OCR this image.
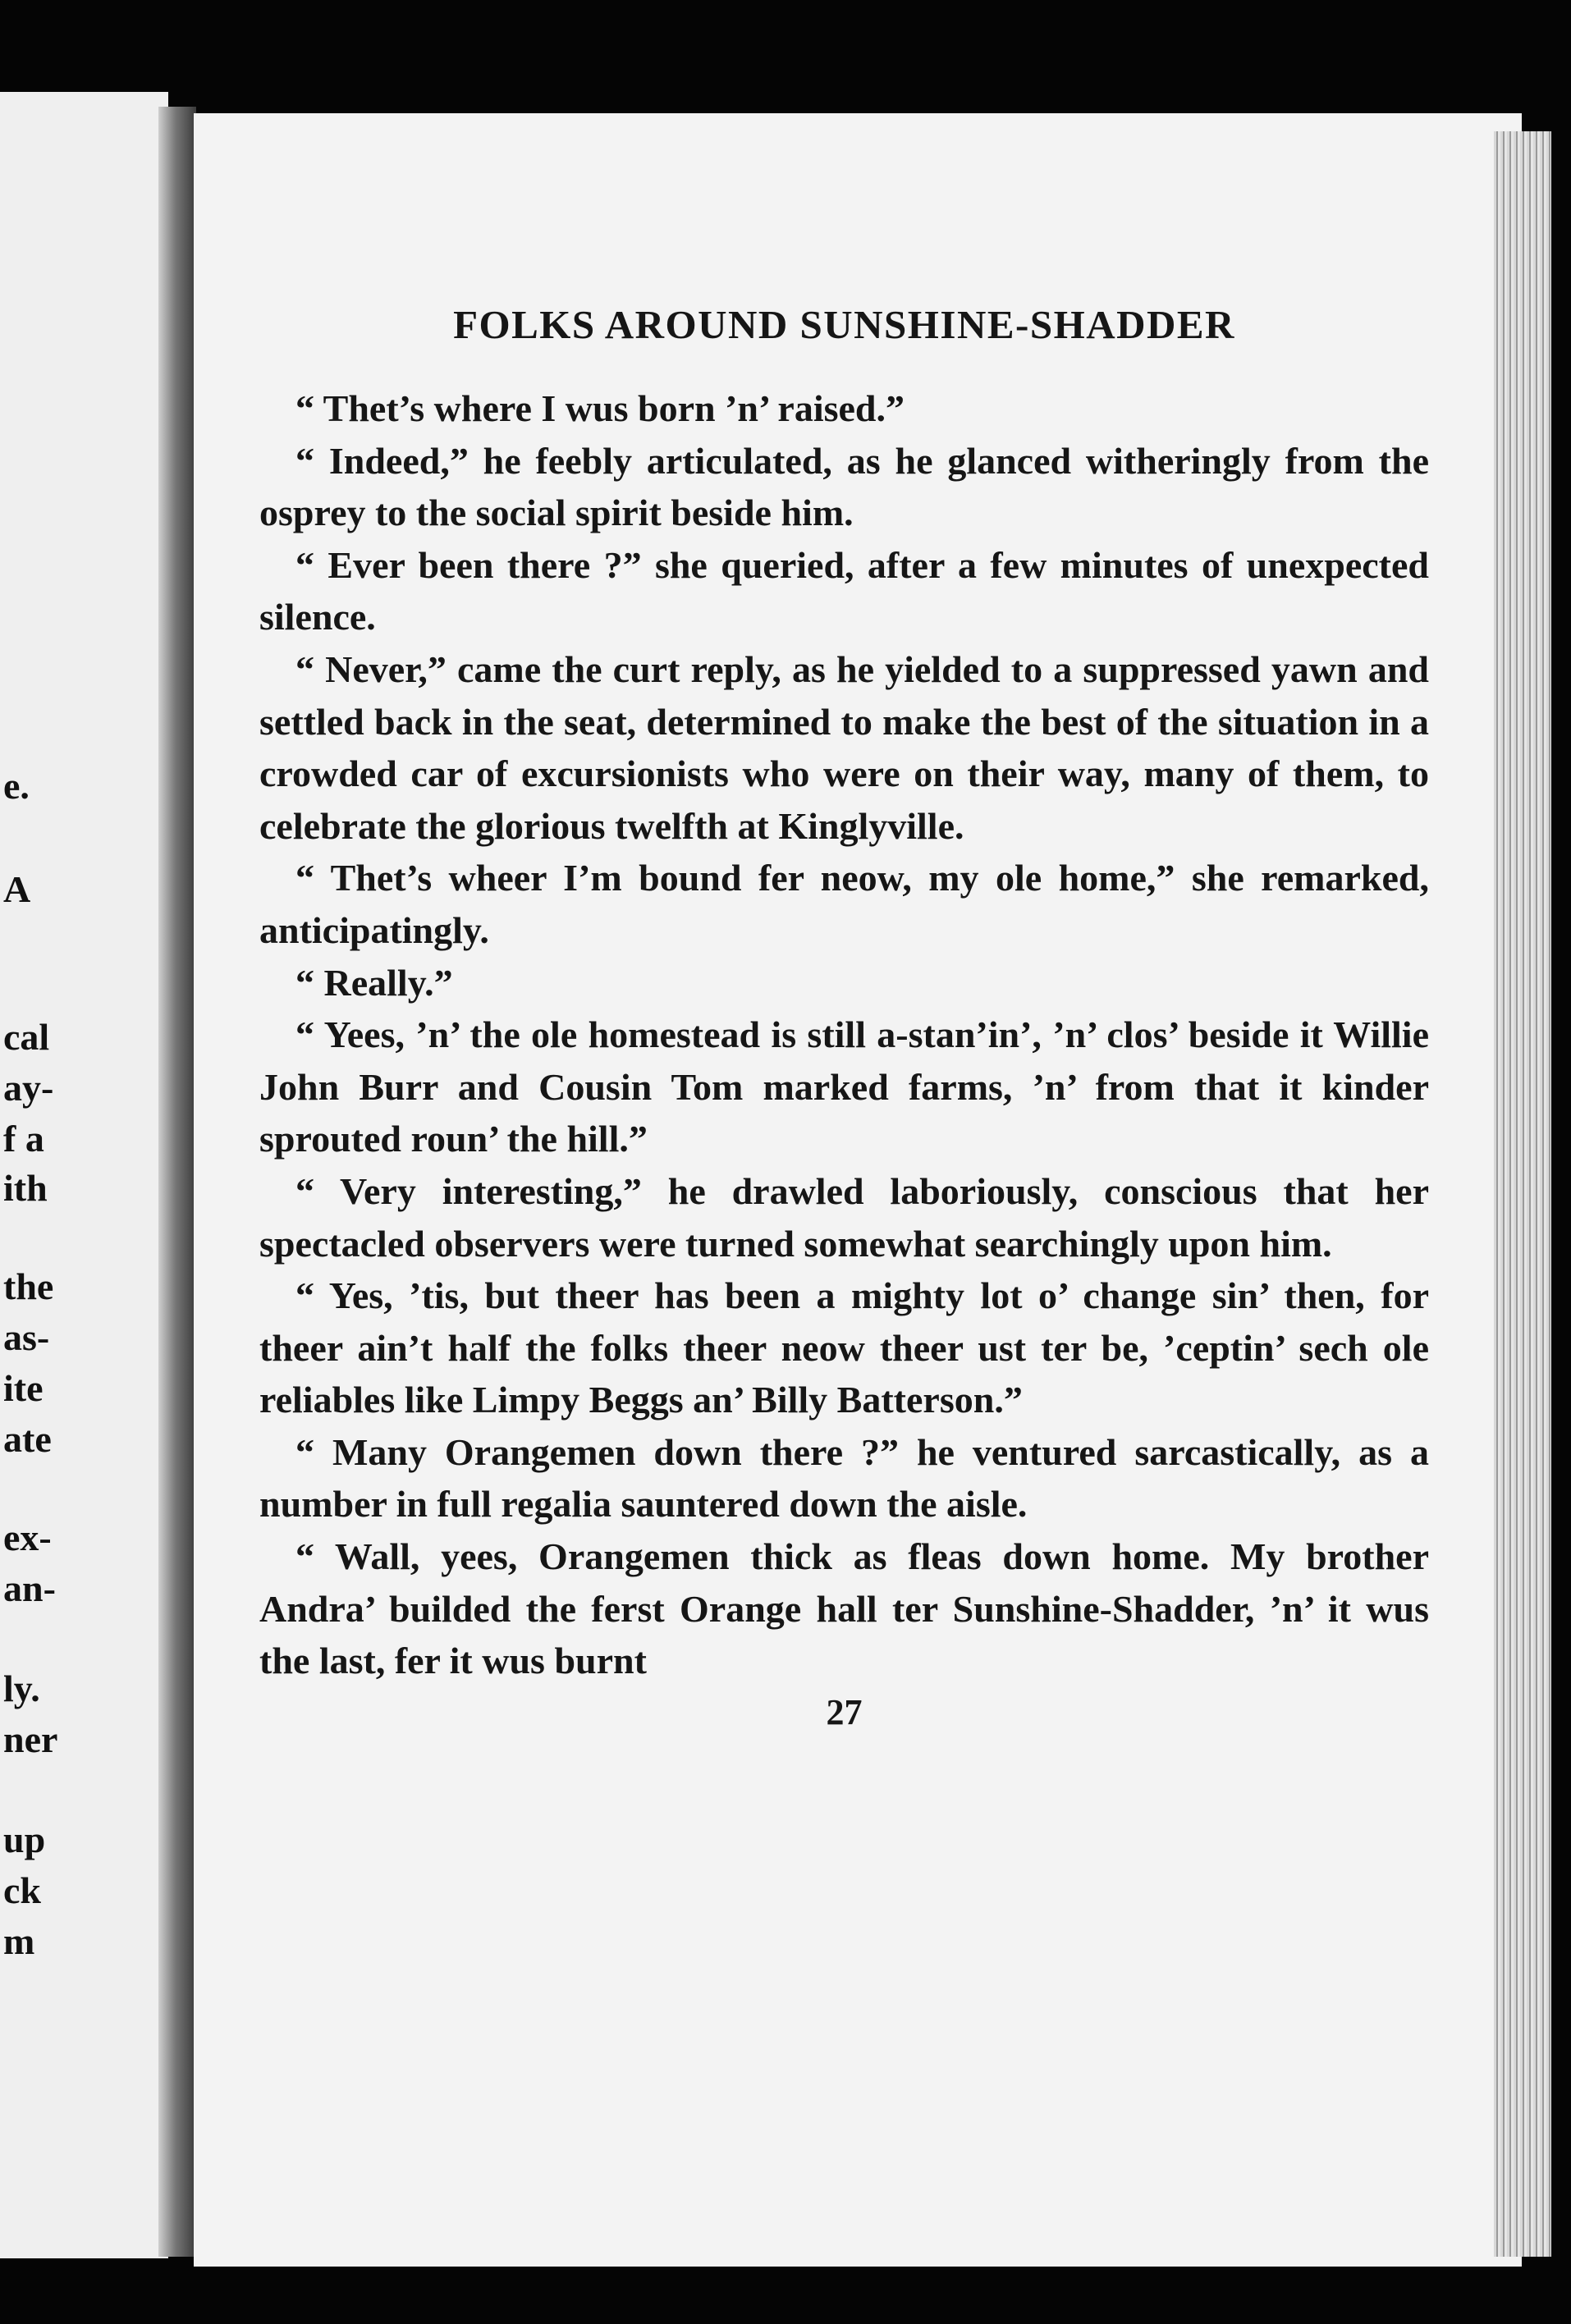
e.
A
cal
ay-
f a
ith
the
as-
ite
ate
ex-
an-
ly.
ner
up
ck
m
FOLKS AROUND SUNSHINE-SHADDER

“ Thet’s where I wus born ’n’ raised.”

“ Indeed,” he feebly articulated, as he glanced witheringly from the osprey to the social spirit beside him.

“ Ever been there ?” she queried, after a few minutes of unexpected silence.

“ Never,” came the curt reply, as he yielded to a suppressed yawn and settled back in the seat, determined to make the best of the situation in a crowded car of excursionists who were on their way, many of them, to celebrate the glorious twelfth at Kinglyville.

“ Thet’s wheer I’m bound fer neow, my ole home,” she remarked, anticipatingly.

“ Really.”

“ Yees, ’n’ the ole homestead is still a-stan’in’, ’n’ clos’ beside it Willie John Burr and Cousin Tom marked farms, ’n’ from that it kinder sprouted roun’ the hill.”

“ Very interesting,” he drawled laboriously, conscious that her spectacled observers were turned somewhat searchingly upon him.

“ Yes, ’tis, but theer has been a mighty lot o’ change sin’ then, for theer ain’t half the folks theer neow theer ust ter be, ’ceptin’ sech ole reliables like Limpy Beggs an’ Billy Batterson.”

“ Many Orangemen down there ?” he ventured sarcastically, as a number in full regalia sauntered down the aisle.

“ Wall, yees, Orangemen thick as fleas down home. My brother Andra’ builded the ferst Orange hall ter Sunshine-Shadder, ’n’ it wus the last, fer it wus burnt

27
